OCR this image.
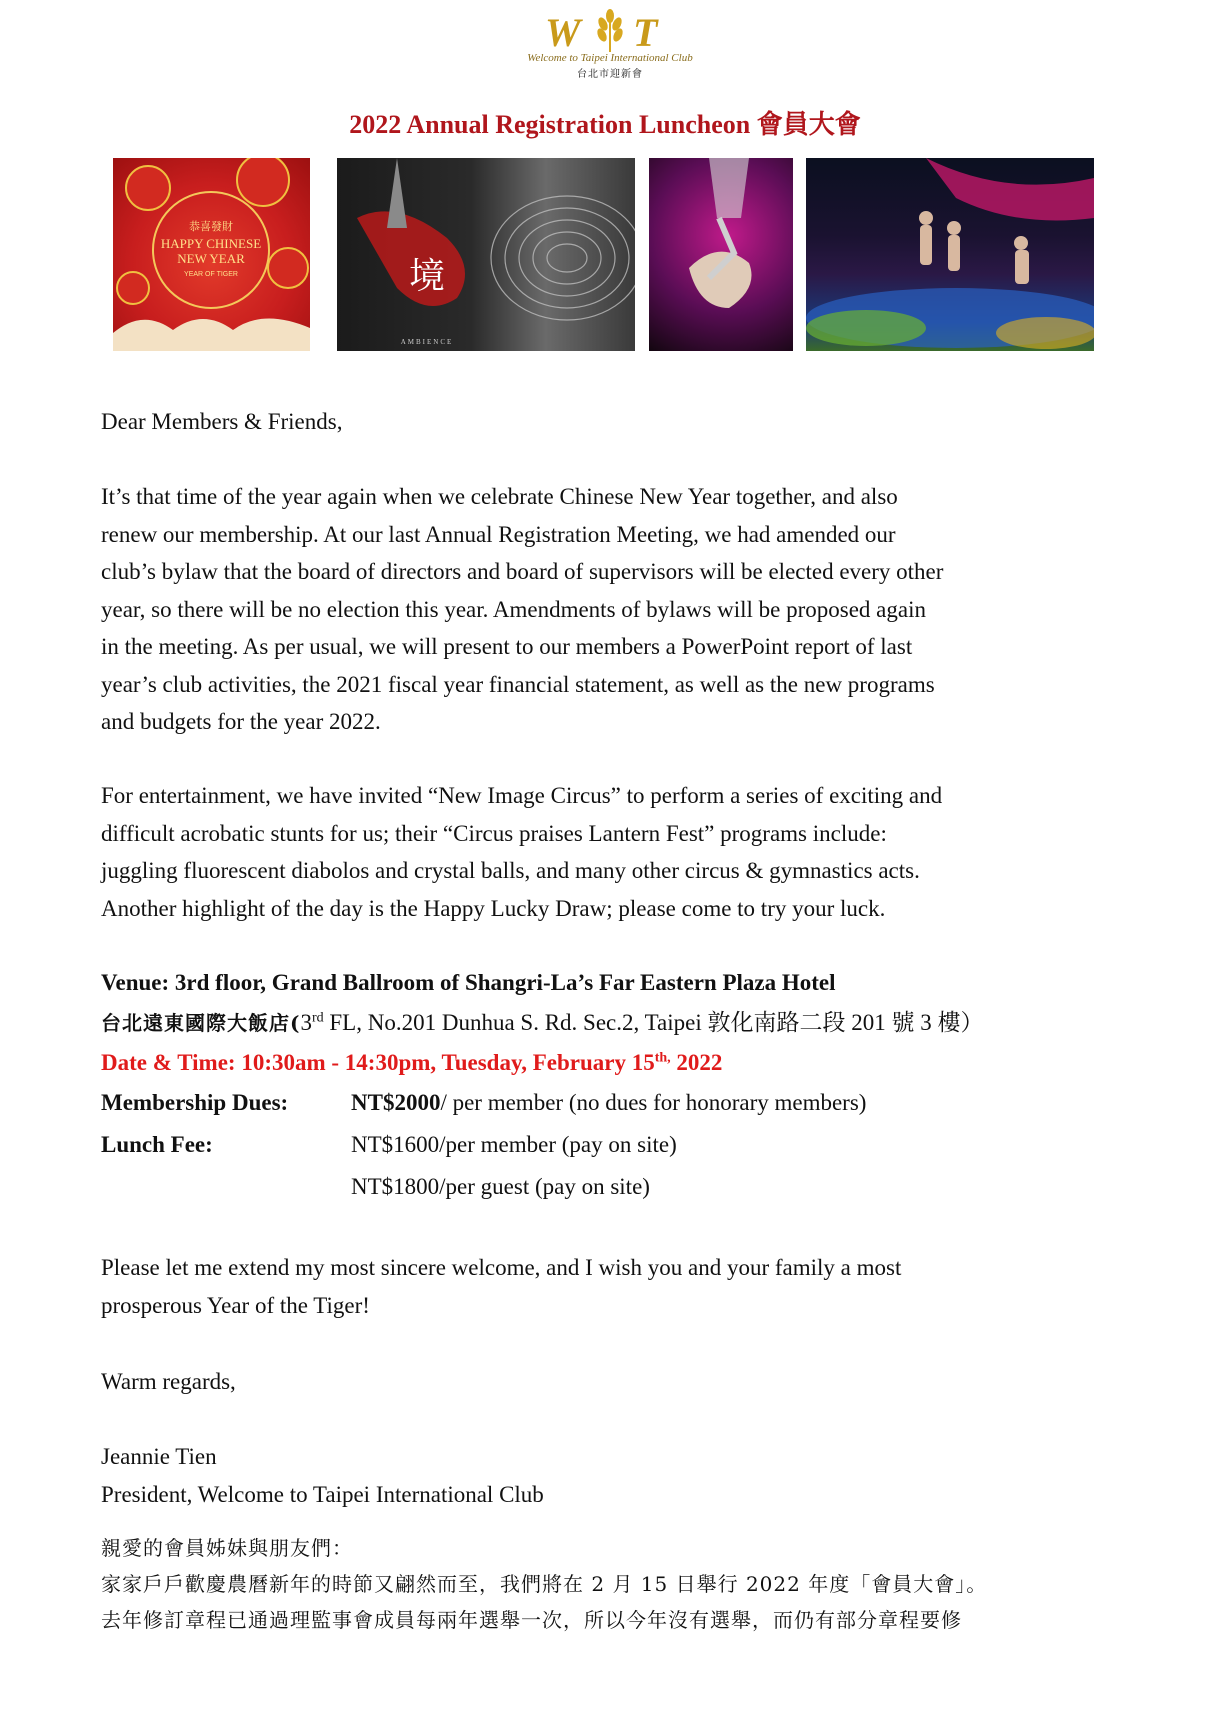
W T
Welcome to Taipei International Club
台北市迎新會
2022 Annual Registration Luncheon 會員大會
恭喜發財
HAPPY CHINESE
NEW YEAR
YEAR OF TIGER	境
AMBIENCE

Dear Members & Friends,

It’s that time of the year again when we celebrate Chinese New Year together, and also

renew our membership. At our last Annual Registration Meeting, we had amended our

club’s bylaw that the board of directors and board of supervisors will be elected every other

year, so there will be no election this year. Amendments of bylaws will be proposed again

in the meeting. As per usual, we will present to our members a PowerPoint report of last

year’s club activities, the 2021 fiscal year financial statement, as well as the new programs

and budgets for the year 2022.

For entertainment, we have invited “New Image Circus” to perform a series of exciting and

difficult acrobatic stunts for us; their “Circus praises Lantern Fest” programs include:

juggling fluorescent diabolos and crystal balls, and many other circus & gymnastics acts.

Another highlight of the day is the Happy Lucky Draw; please come to try your luck.

Venue: 3rd floor, Grand Ballroom of Shangri-La’s Far Eastern Plaza Hotel

台北遠東國際大飯店(3rd FL, No.201 Dunhua S. Rd. Sec.2, Taipei 敦化南路二段 201 號 3 樓）

Date & Time: 10:30am - 14:30pm, Tuesday, February $15^{th,}$ 2022

Membership Dues:	NT$2000/ per member (no dues for honorary members)
Lunch Fee:	NT$1600/per member (pay on site)
NT$1800/per guest (pay on site)

Please let me extend my most sincere welcome, and I wish you and your family a most

prosperous Year of the Tiger!

Warm regards,

Jeannie Tien

President, Welcome to Taipei International Club

親愛的會員姊妹與朋友們：

家家戶戶歡慶農曆新年的時節又翩然而至，我們將在 2 月 15 日舉行 2022 年度「會員大會」。

去年修訂章程已通過理監事會成員每兩年選舉一次，所以今年沒有選舉，而仍有部分章程要修
